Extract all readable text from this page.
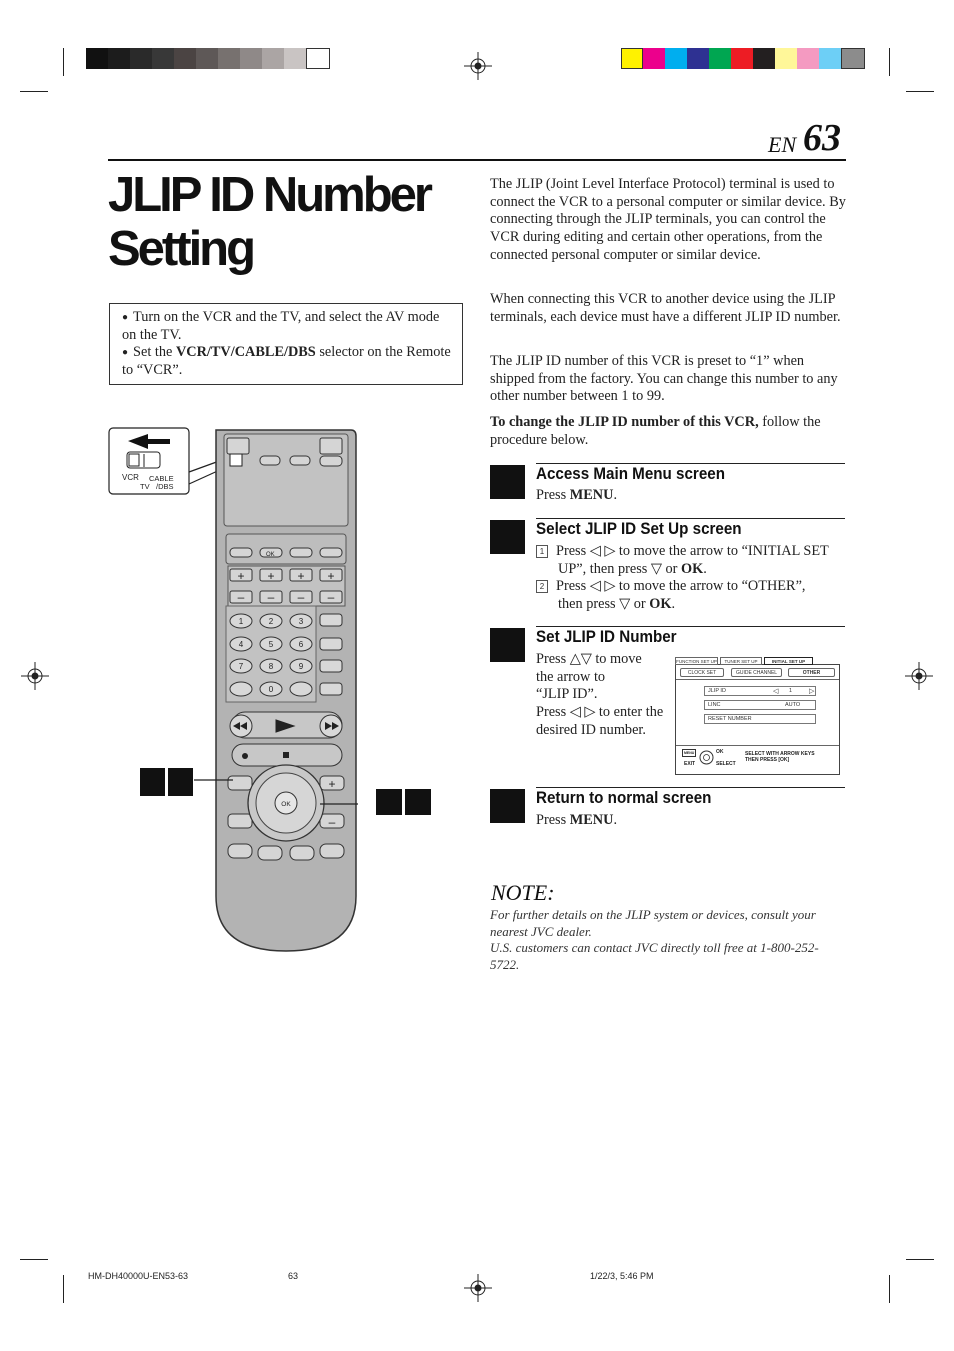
EN 63
JLIP ID Number
Setting
● Turn on the VCR and the TV, and select the AV mode on the TV.
● Set the VCR/TV/CABLE/DBS selector on the Remote to “VCR”.

The JLIP (Joint Level Interface Protocol) terminal is used to connect the VCR to a personal computer or similar device. By connecting through the JLIP terminals, you can control the VCR during editing and certain other operations, from the connected personal computer or similar device.

When connecting this VCR to another device using the JLIP terminals, each device must have a different JLIP ID number.

The JLIP ID number of this VCR is preset to “1” when shipped from the factory. You can change this number to any other number between 1 to 99.

To change the JLIP ID number of this VCR, follow the procedure below.

Access Main Menu screen
Press MENU.
Select JLIP ID Set Up screen
1 Press ◁ ▷ to move the arrow to “INITIAL SET
UP”, then press ▽ or OK.
2 Press ◁ ▷ to move the arrow to “OTHER”,
then press ▽ or OK.
Set JLIP ID Number
Press △▽ to move
the arrow to
“JLIP ID”.
Press ◁ ▷ to enter the
desired ID number.
FUNCTION SET UP	TUNER SET UP	INITIAL SET UP
CLOCK SET	GUIDE CHANNEL	OTHER
JLIP ID	◁ 1 ▷
LINC	AUTO
RESET NUMBER
MENU
EXIT
OK
SELECT
SELECT WITH ARROW KEYS
THEN PRESS [OK]
Return to normal screen
Press MENU.
NOTE:
For further details on the JLIP system or devices, consult your nearest JVC dealer.
U.S. customers can contact JVC directly toll free at 1-800-252-5722.
VCR
TV
CABLE
/DBS
OK
+ + + +
– – – –
1	2	3
4	5	6
7	8	9
0
+
–
OK
HM-DH40000U-EN53-63	63	1/22/3, 5:46 PM
